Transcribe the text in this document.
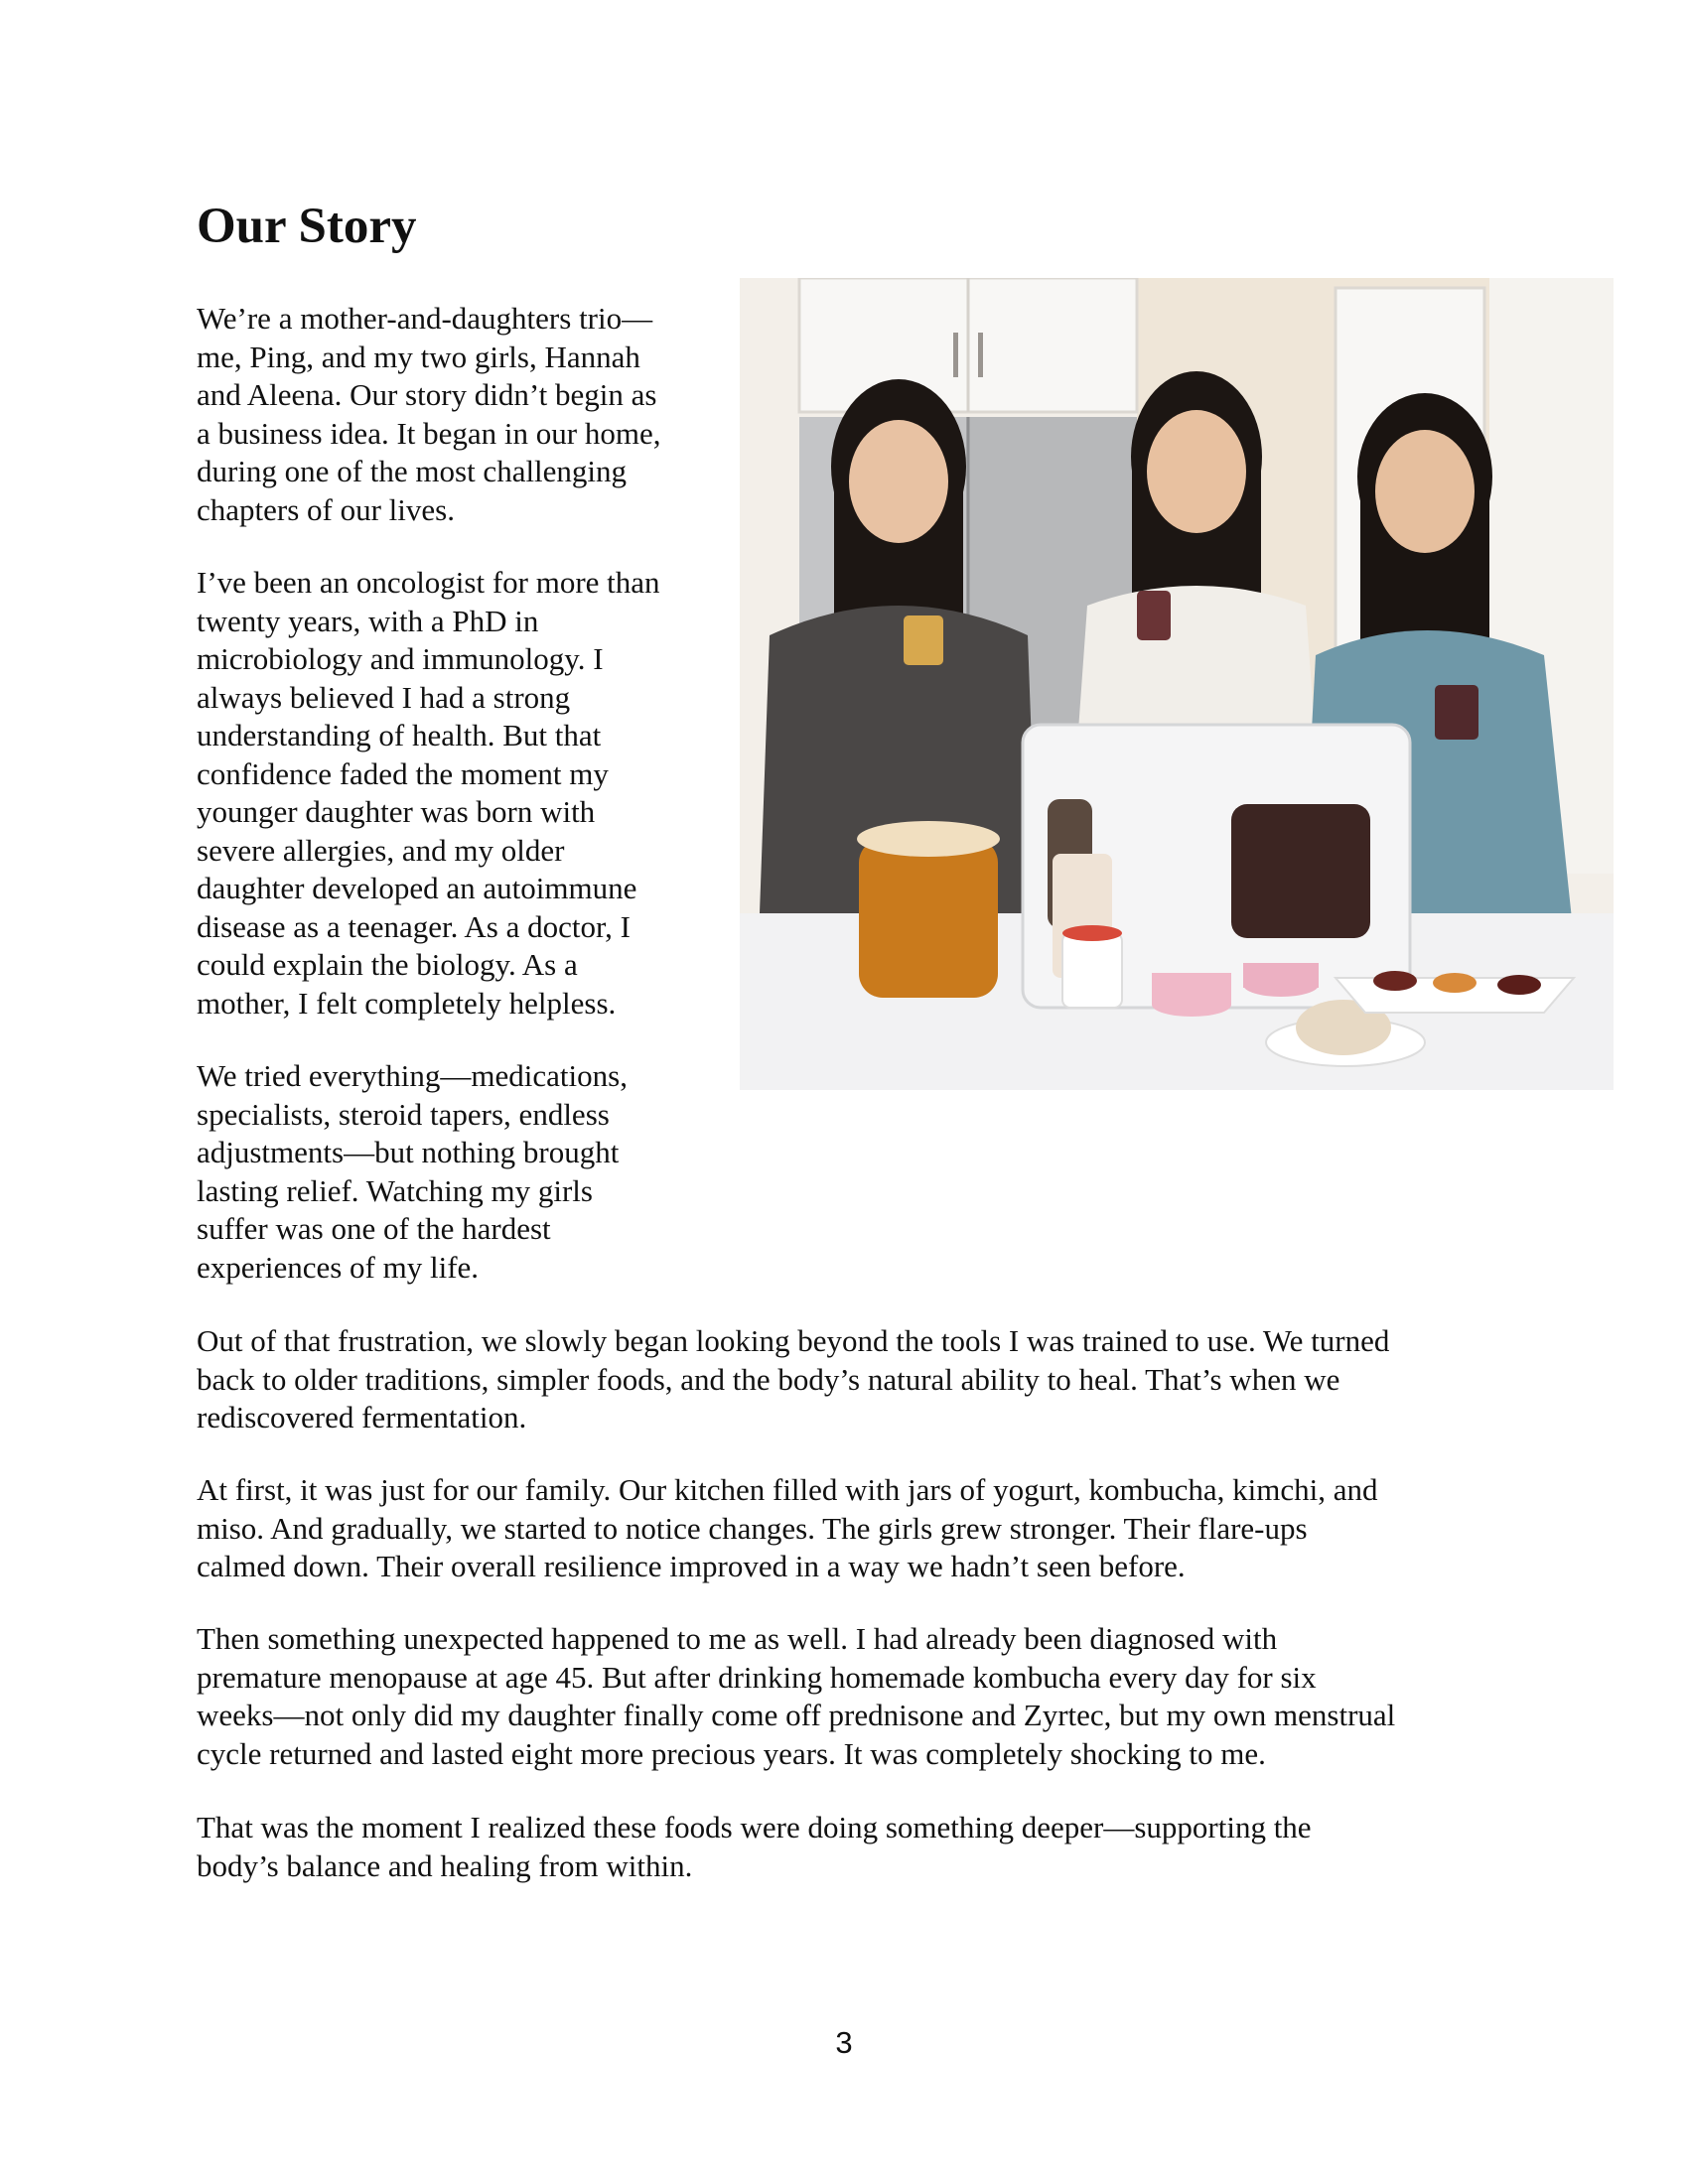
Our Story

We’re a mother-and-daughters trio—
me, Ping, and my two girls, Hannah
and Aleena. Our story didn’t begin as
a business idea. It began in our home,
during one of the most challenging
chapters of our lives.

I’ve been an oncologist for more than
twenty years, with a PhD in
microbiology and immunology. I
always believed I had a strong
understanding of health. But that
confidence faded the moment my
younger daughter was born with
severe allergies, and my older
daughter developed an autoimmune
disease as a teenager. As a doctor, I
could explain the biology. As a
mother, I felt completely helpless.

We tried everything—medications,
specialists, steroid tapers, endless
adjustments—but nothing brought
lasting relief. Watching my girls
suffer was one of the hardest
experiences of my life.

Out of that frustration, we slowly began looking beyond the tools I was trained to use. We turned
back to older traditions, simpler foods, and the body’s natural ability to heal. That’s when we
rediscovered fermentation.

At first, it was just for our family. Our kitchen filled with jars of yogurt, kombucha, kimchi, and
miso. And gradually, we started to notice changes. The girls grew stronger. Their flare-ups
calmed down. Their overall resilience improved in a way we hadn’t seen before.

Then something unexpected happened to me as well. I had already been diagnosed with
premature menopause at age 45. But after drinking homemade kombucha every day for six
weeks—not only did my daughter finally come off prednisone and Zyrtec, but my own menstrual
cycle returned and lasted eight more precious years. It was completely shocking to me.

That was the moment I realized these foods were doing something deeper—supporting the
body’s balance and healing from within.

3
